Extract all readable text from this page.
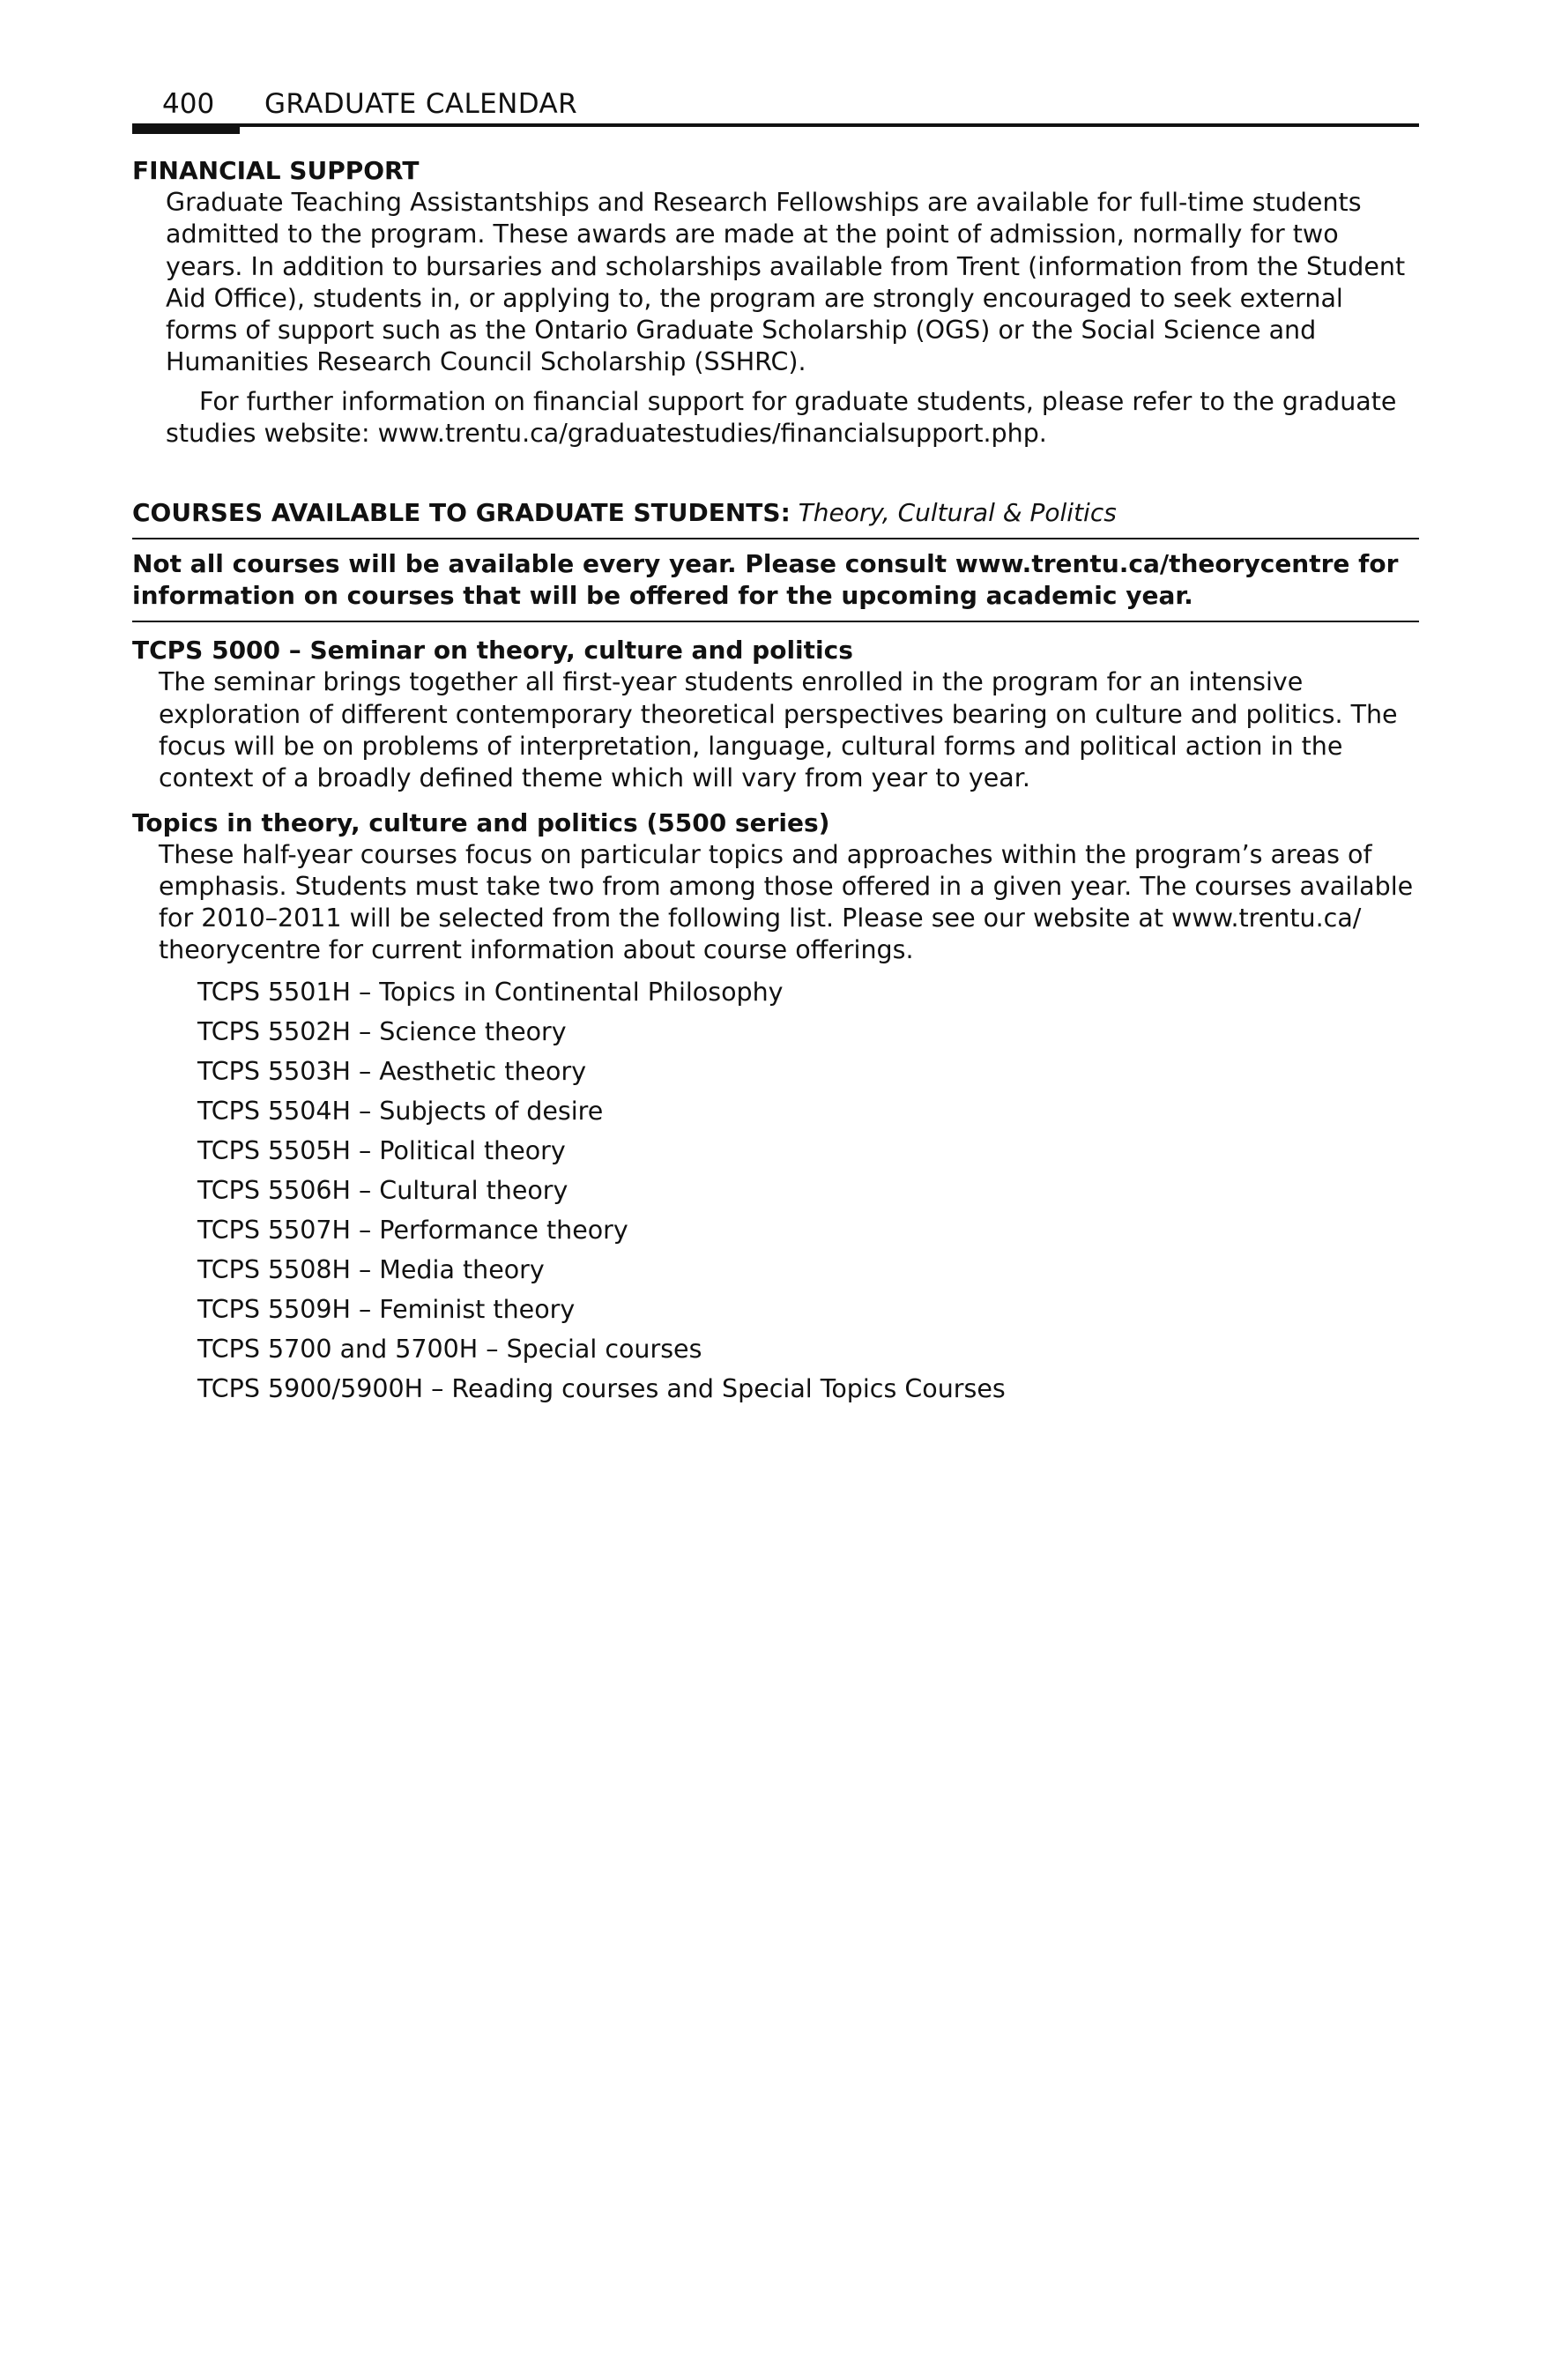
400 GRADUATE CALENDAR
FINANCIAL SUPPORT

Graduate Teaching Assistantships and Research Fellowships are available for full-time students admitted to the program. These awards are made at the point of admission, normally for two years. In addition to bursaries and scholarships available from Trent (information from the Student Aid Office), students in, or applying to, the program are strongly encouraged to seek external forms of support such as the Ontario Graduate Scholarship (OGS) or the Social Science and Humanities Research Council Scholarship (SSHRC).

For further information on financial support for graduate students, please refer to the graduate studies website: www.trentu.ca/graduatestudies/financialsupport.php.

COURSES AVAILABLE TO GRADUATE STUDENTS: Theory, Cultural & Politics
Not all courses will be available every year. Please consult www.trentu.ca/theorycentre for information on courses that will be offered for the upcoming academic year.
TCPS 5000 – Seminar on theory, culture and politics

The seminar brings together all first-year students enrolled in the program for an intensive exploration of different contemporary theoretical perspectives bearing on culture and politics. The focus will be on problems of interpretation, language, cultural forms and political action in the context of a broadly defined theme which will vary from year to year.

Topics in theory, culture and politics (5500 series)

These half-year courses focus on particular topics and approaches within the program’s areas of emphasis. Students must take two from among those offered in a given year. The courses available for 2010–2011 will be selected from the following list. Please see our website at www.trentu.ca/ theorycentre for current information about course offerings.

TCPS 5501H – Topics in Continental Philosophy
TCPS 5502H – Science theory
TCPS 5503H – Aesthetic theory
TCPS 5504H – Subjects of desire
TCPS 5505H – Political theory
TCPS 5506H – Cultural theory
TCPS 5507H – Performance theory
TCPS 5508H – Media theory
TCPS 5509H – Feminist theory
TCPS 5700 and 5700H – Special courses
TCPS 5900/5900H – Reading courses and Special Topics Courses
